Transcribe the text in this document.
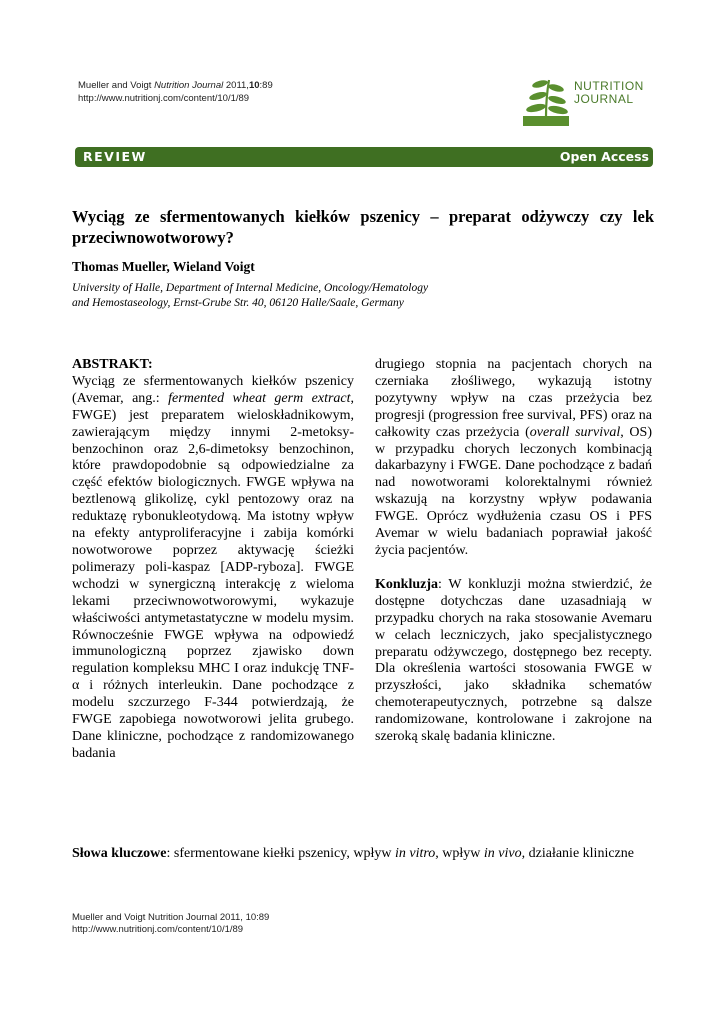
Mueller and Voigt Nutrition Journal 2011,10:89
http://www.nutritionj.com/content/10/1/89
NUTRITION
JOURNAL
REVIEW	Open Access
Wyciąg ze sfermentowanych kiełków pszenicy – preparat odżywczy czy lek przeciwnowotworowy?
Thomas Mueller, Wieland Voigt
University of Halle, Department of Internal Medicine, Oncology/Hematology
and Hemostaseology, Ernst-Grube Str. 40, 06120 Halle/Saale, Germany

ABSTRAKT:

Wyciąg ze sfermentowanych kiełków pszenicy (Avemar, ang.: fermented wheat germ extract, FWGE) jest preparatem wieloskładnikowym, zawierającym między innymi 2-metoksy-benzochinon oraz 2,6-dimetoksy benzochinon, które prawdopodobnie są odpowiedzialne za część efektów biologicznych. FWGE wpływa na beztlenową glikolizę, cykl pentozowy oraz na reduktazę rybonukleotydową. Ma istotny wpływ na efekty antyproliferacyjne i zabija komórki nowotworowe poprzez aktywację ścieżki polimerazy poli-kaspaz [ADP-ryboza]. FWGE wchodzi w synergiczną interakcję z wieloma lekami przeciwnowotworowymi, wykazuje właściwości antymetastatyczne w modelu mysim. Równocześnie FWGE wpływa na odpowiedź immunologiczną poprzez zjawisko down regulation kompleksu MHC I oraz indukcję TNF-α i różnych interleukin. Dane pochodzące z modelu szczurzego F-344 potwierdzają, że FWGE zapobiega nowotworowi jelita grubego. Dane kliniczne, pochodzące z randomizowanego badania

drugiego stopnia na pacjentach chorych na czerniaka złośliwego, wykazują istotny pozytywny wpływ na czas przeżycia bez progresji (progression free survival, PFS) oraz na całkowity czas przeżycia (overall survival, OS) w przypadku chorych leczonych kombinacją dakarbazyny i FWGE. Dane pochodzące z badań nad nowotworami kolorektalnymi również wskazują na korzystny wpływ podawania FWGE. Oprócz wydłużenia czasu OS i PFS Avemar w wielu badaniach poprawiał jakość życia pacjentów.

Konkluzja: W konkluzji można stwierdzić, że dostępne dotychczas dane uzasadniają w przypadku chorych na raka stosowanie Avemaru w celach leczniczych, jako specjalistycznego preparatu odżywczego, dostępnego bez recepty. Dla określenia wartości stosowania FWGE w przyszłości, jako składnika schematów chemoterapeutycznych, potrzebne są dalsze randomizowane, kontrolowane i zakrojone na szeroką skalę badania kliniczne.

Słowa kluczowe: sfermentowane kiełki pszenicy, wpływ in vitro, wpływ in vivo, działanie kliniczne
Mueller and Voigt Nutrition Journal 2011, 10:89
http://www.nutritionj.com/content/10/1/89
